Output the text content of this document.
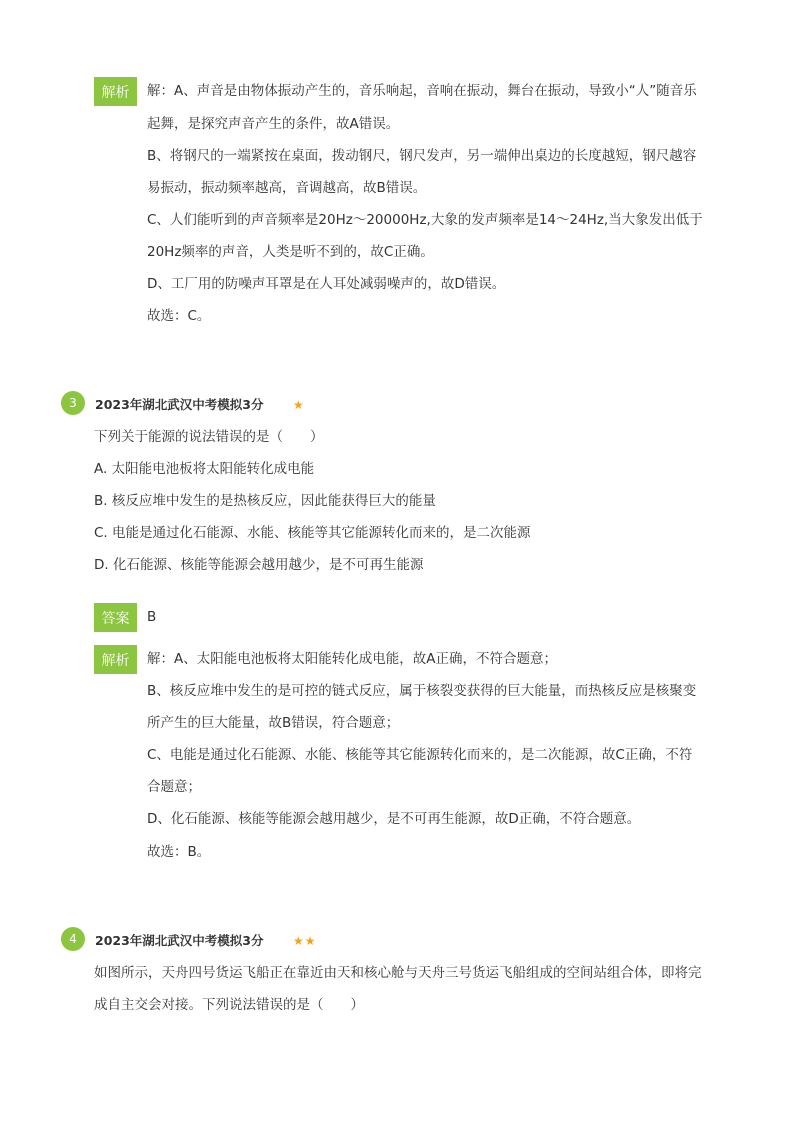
解析	解：A、声音是由物体振动产生的，音乐响起，音响在振动，舞台在振动，导致小“人”随音乐
起舞，是探究声音产生的条件，故A错误。
B、将钢尺的一端紧按在桌面，拨动钢尺，钢尺发声，另一端伸出桌边的长度越短，钢尺越容
易振动，振动频率越高，音调越高，故B错误。
C、人们能听到的声音频率是20Hz～20000Hz,大象的发声频率是14～24Hz,当大象发出低于
20Hz频率的声音，人类是听不到的，故C正确。
D、工厂用的防噪声耳罩是在人耳处减弱噪声的，故D错误。
故选：C。
3	2023年湖北武汉中考模拟3分 ★
下列关于能源的说法错误的是（　　）
A. 太阳能电池板将太阳能转化成电能
B. 核反应堆中发生的是热核反应，因此能获得巨大的能量
C. 电能是通过化石能源、水能、核能等其它能源转化而来的，是二次能源
D. 化石能源、核能等能源会越用越少，是不可再生能源
答案	B
解析	解：A、太阳能电池板将太阳能转化成电能，故A正确，不符合题意；
B、核反应堆中发生的是可控的链式反应，属于核裂变获得的巨大能量，而热核反应是核聚变
所产生的巨大能量，故B错误，符合题意；
C、电能是通过化石能源、水能、核能等其它能源转化而来的，是二次能源，故C正确，不符
合题意；
D、化石能源、核能等能源会越用越少，是不可再生能源，故D正确，不符合题意。
故选：B。
4	2023年湖北武汉中考模拟3分 ★★
如图所示，天舟四号货运飞船正在靠近由天和核心舱与天舟三号货运飞船组成的空间站组合体，即将完
成自主交会对接。下列说法错误的是（　　）
